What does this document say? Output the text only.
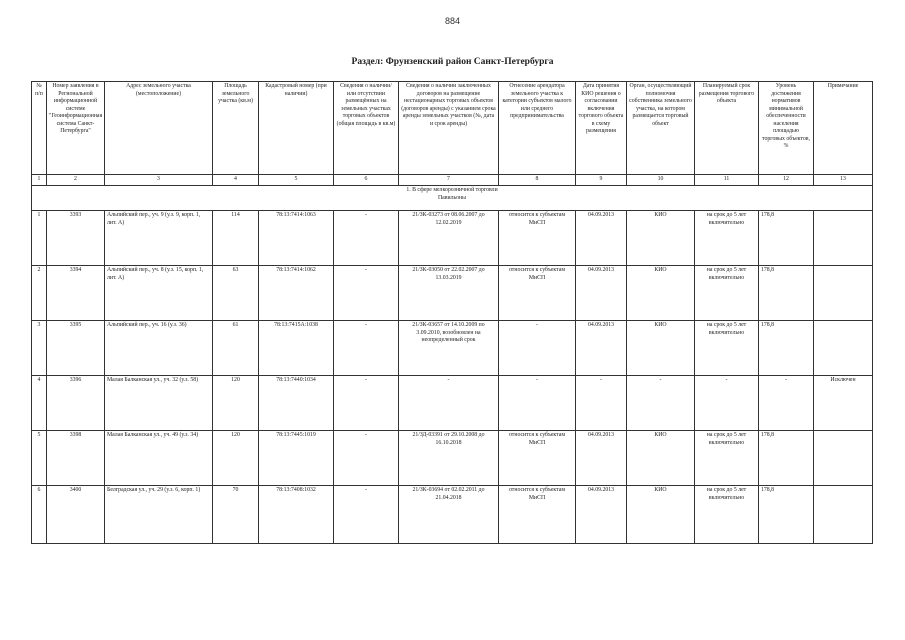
884
Раздел: Фрунзенский район Санкт-Петербурга
№ п/п	Номер заявления в Региональной информационной системе "Геоинформационная система Санкт-Петербурга"	Адрес земельного участка (местоположение)	Площадь земельного участка (кв.м)	Кадастровый номер (при наличии)	Сведения о наличии/или отсутствии размещённых на земельных участках торговых объектов (общая площадь в кв.м)	Сведения о наличии заключенных договоров на размещение нестационарных торговых объектов (договоров аренды) с указанием срока аренды земельных участков (№, дата и срок аренды)	Отнесение арендатора земельного участка к категории субъектов малого или среднего предпринимательства	Дата принятия КИО решения о согласовании включения торгового объекта в схему размещения	Орган, осуществляющий полномочия собственника земельного участка, на котором размещается торговый объект	Планируемый срок размещения торгового объекта	Уровень достижения нормативов минимальной обеспеченности населения площадью торговых объектов, %	Примечание
1	2	3	4	5	6	7	8	9	10	11	12	13

1. В сфере мелкорозничной торговли
Павильоны												

1	3393	Альпийский пер., уч. 9 (у.з. 9, корп. 1, лит. А)	114	78:13:7414:1063	-	21/ЗК-03273 от 08.06.2007 до 12.02.2019	относится к субъектам МиСП	04.09.2013	КИО	на срок до 5 лет включительно	178,8	
2	3394	Альпийский пер., уч. 8 (у.з. 15, корп. 1, лит. А)	63	78:13:7414:1062	-	21/ЗК-03050 от 22.02.2007 до 13.03.2019	относится к субъектам МиСП	04.09.2013	КИО	на срок до 5 лет включительно	178,8	
3	3395	Альпийский пер., уч. 16 (у.з. 36)	61	78:13:7415А:1038	-	21/ЗК-03657 от 14.10.2009 по 3.09.2010, возобновлен на неопределенный срок	-	04.09.2013	КИО	на срок до 5 лет включительно	178,8	
4	3396	Малая Балканская ул., уч. 32 (у.з. 58)	120	78:13:7440:1034	-	-	-	-	-	-	-	Исключен
5	3398	Малая Балканская ул., уч. 49 (у.з. 34)	120	78:13:7445:1019	-	21/ЗД-03391 от 29.10.2008 до 16.10.2018	относится к субъектам МиСП	04.09.2013	КИО	на срок до 5 лет включительно	178,8	
6	3400	Белградская ул., уч. 29 (у.з. 6, корп. 1)	70	78:13:7408:1032	-	21/ЗК-03694 от 02.02.2011 до 21.04.2018	относится к субъектам МиСП	04.09.2013	КИО	на срок до 5 лет включительно	178,8	
